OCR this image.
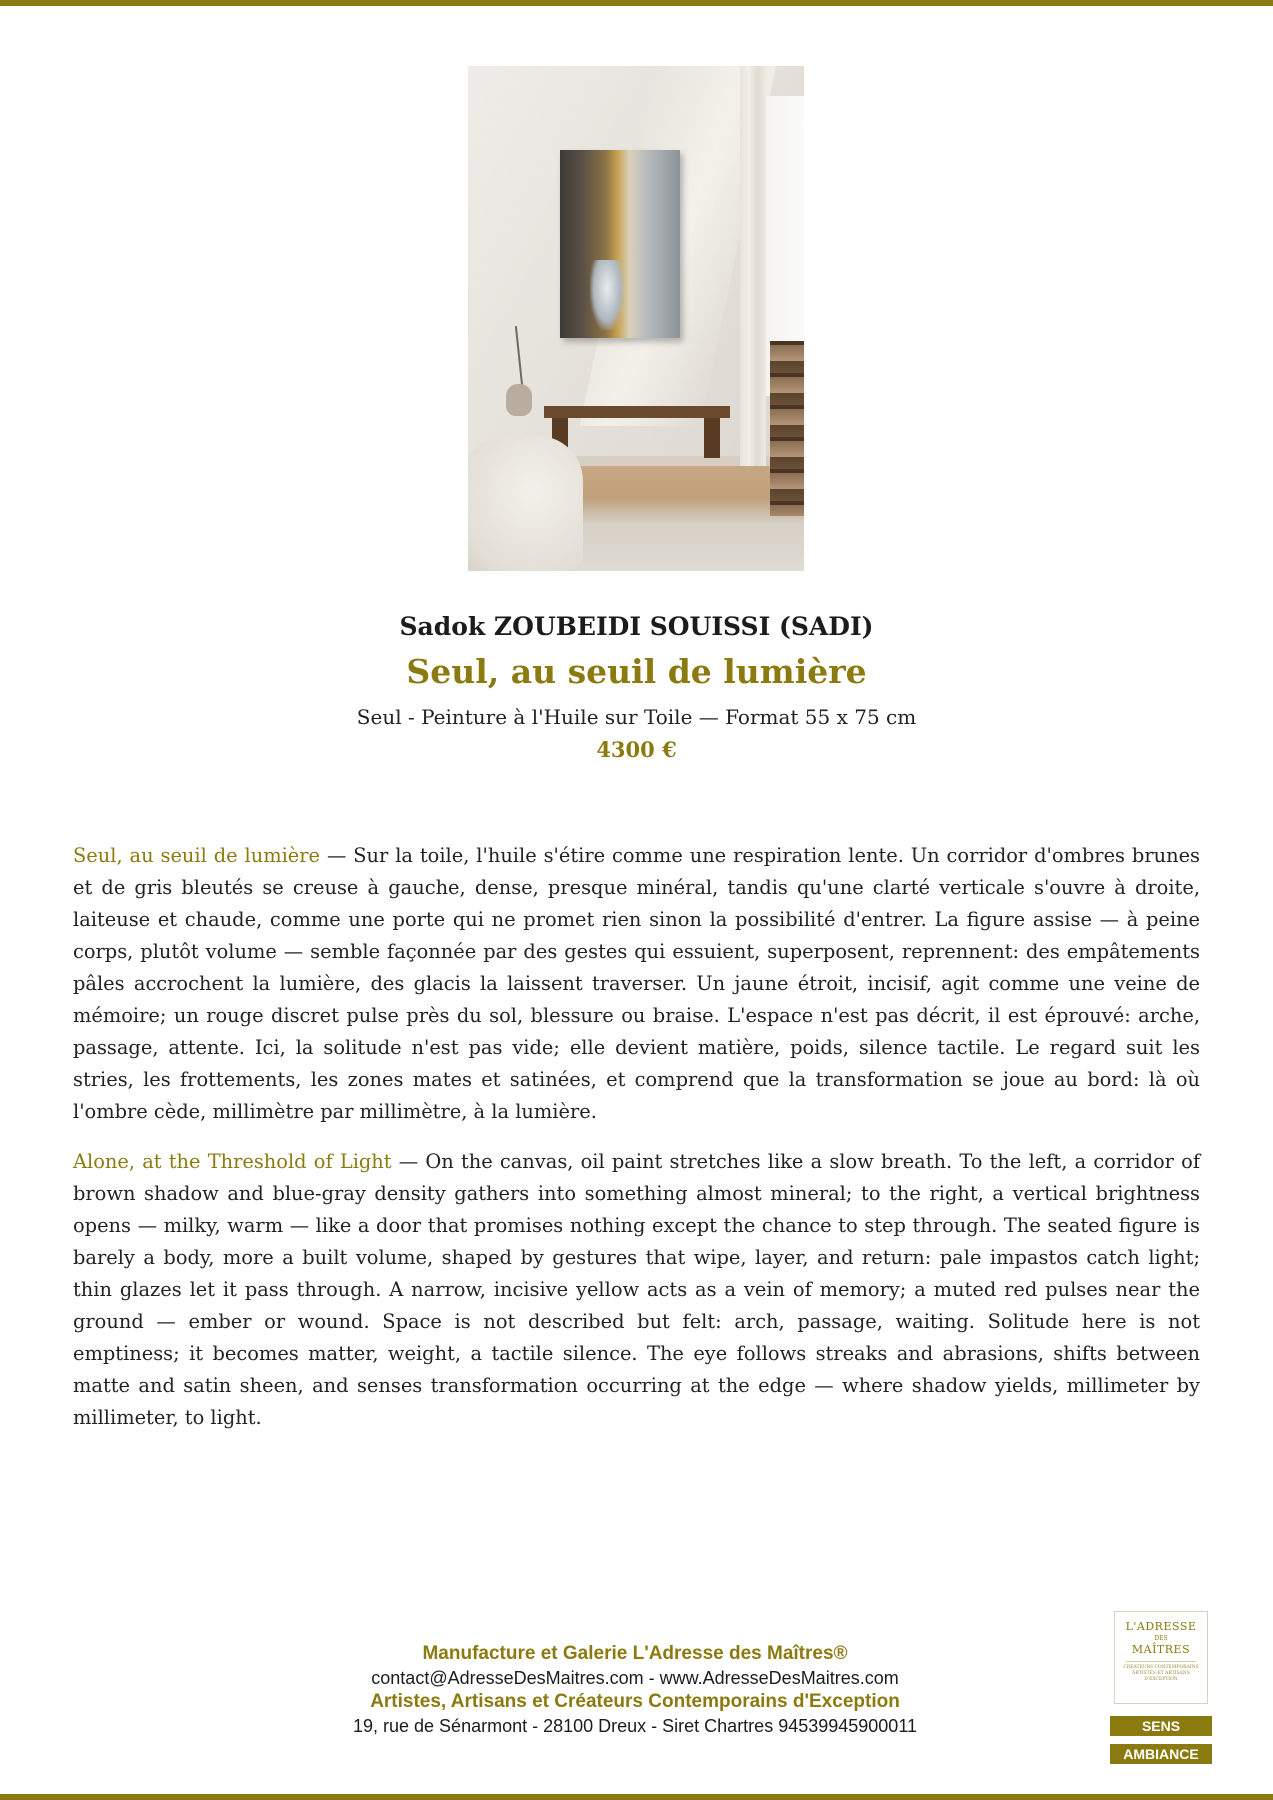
Sadok ZOUBEIDI SOUISSI (SADI)
Seul, au seuil de lumière
Seul - Peinture à l'Huile sur Toile — Format 55 x 75 cm
4300 €

Seul, au seuil de lumière — Sur la toile, l'huile s'étire comme une respiration lente. Un corridor d'ombres brunes et de gris bleutés se creuse à gauche, dense, presque minéral, tandis qu'une clarté verticale s'ouvre à droite, laiteuse et chaude, comme une porte qui ne promet rien sinon la possibilité d'entrer. La figure assise — à peine corps, plutôt volume — semble façonnée par des gestes qui essuient, superposent, reprennent: des empâtements pâles accrochent la lumière, des glacis la laissent traverser. Un jaune étroit, incisif, agit comme une veine de mémoire; un rouge discret pulse près du sol, blessure ou braise. L'espace n'est pas décrit, il est éprouvé: arche, passage, attente. Ici, la solitude n'est pas vide; elle devient matière, poids, silence tactile. Le regard suit les stries, les frottements, les zones mates et satinées, et comprend que la transformation se joue au bord: là où l'ombre cède, millimètre par millimètre, à la lumière.

Alone, at the Threshold of Light — On the canvas, oil paint stretches like a slow breath. To the left, a corridor of brown shadow and blue-gray density gathers into something almost mineral; to the right, a vertical brightness opens — milky, warm — like a door that promises nothing except the chance to step through. The seated figure is barely a body, more a built volume, shaped by gestures that wipe, layer, and return: pale impastos catch light; thin glazes let it pass through. A narrow, incisive yellow acts as a vein of memory; a muted red pulses near the ground — ember or wound. Space is not described but felt: arch, passage, waiting. Solitude here is not emptiness; it becomes matter, weight, a tactile silence. The eye follows streaks and abrasions, shifts between matte and satin sheen, and senses transformation occurring at the edge — where shadow yields, millimeter by millimeter, to light.

Manufacture et Galerie L'Adresse des Maîtres®
contact@AdresseDesMaitres.com - www.AdresseDesMaitres.com
Artistes, Artisans et Créateurs Contemporains d'Exception
19, rue de Sénarmont - 28100 Dreux - Siret Chartres 94539945900011
L'ADRESSE
DES
MAÎTRES
CRÉATEURS CONTEMPORAINS ARTISTES ET ARTISANS D'EXCEPTION
SENS
AMBIANCE
